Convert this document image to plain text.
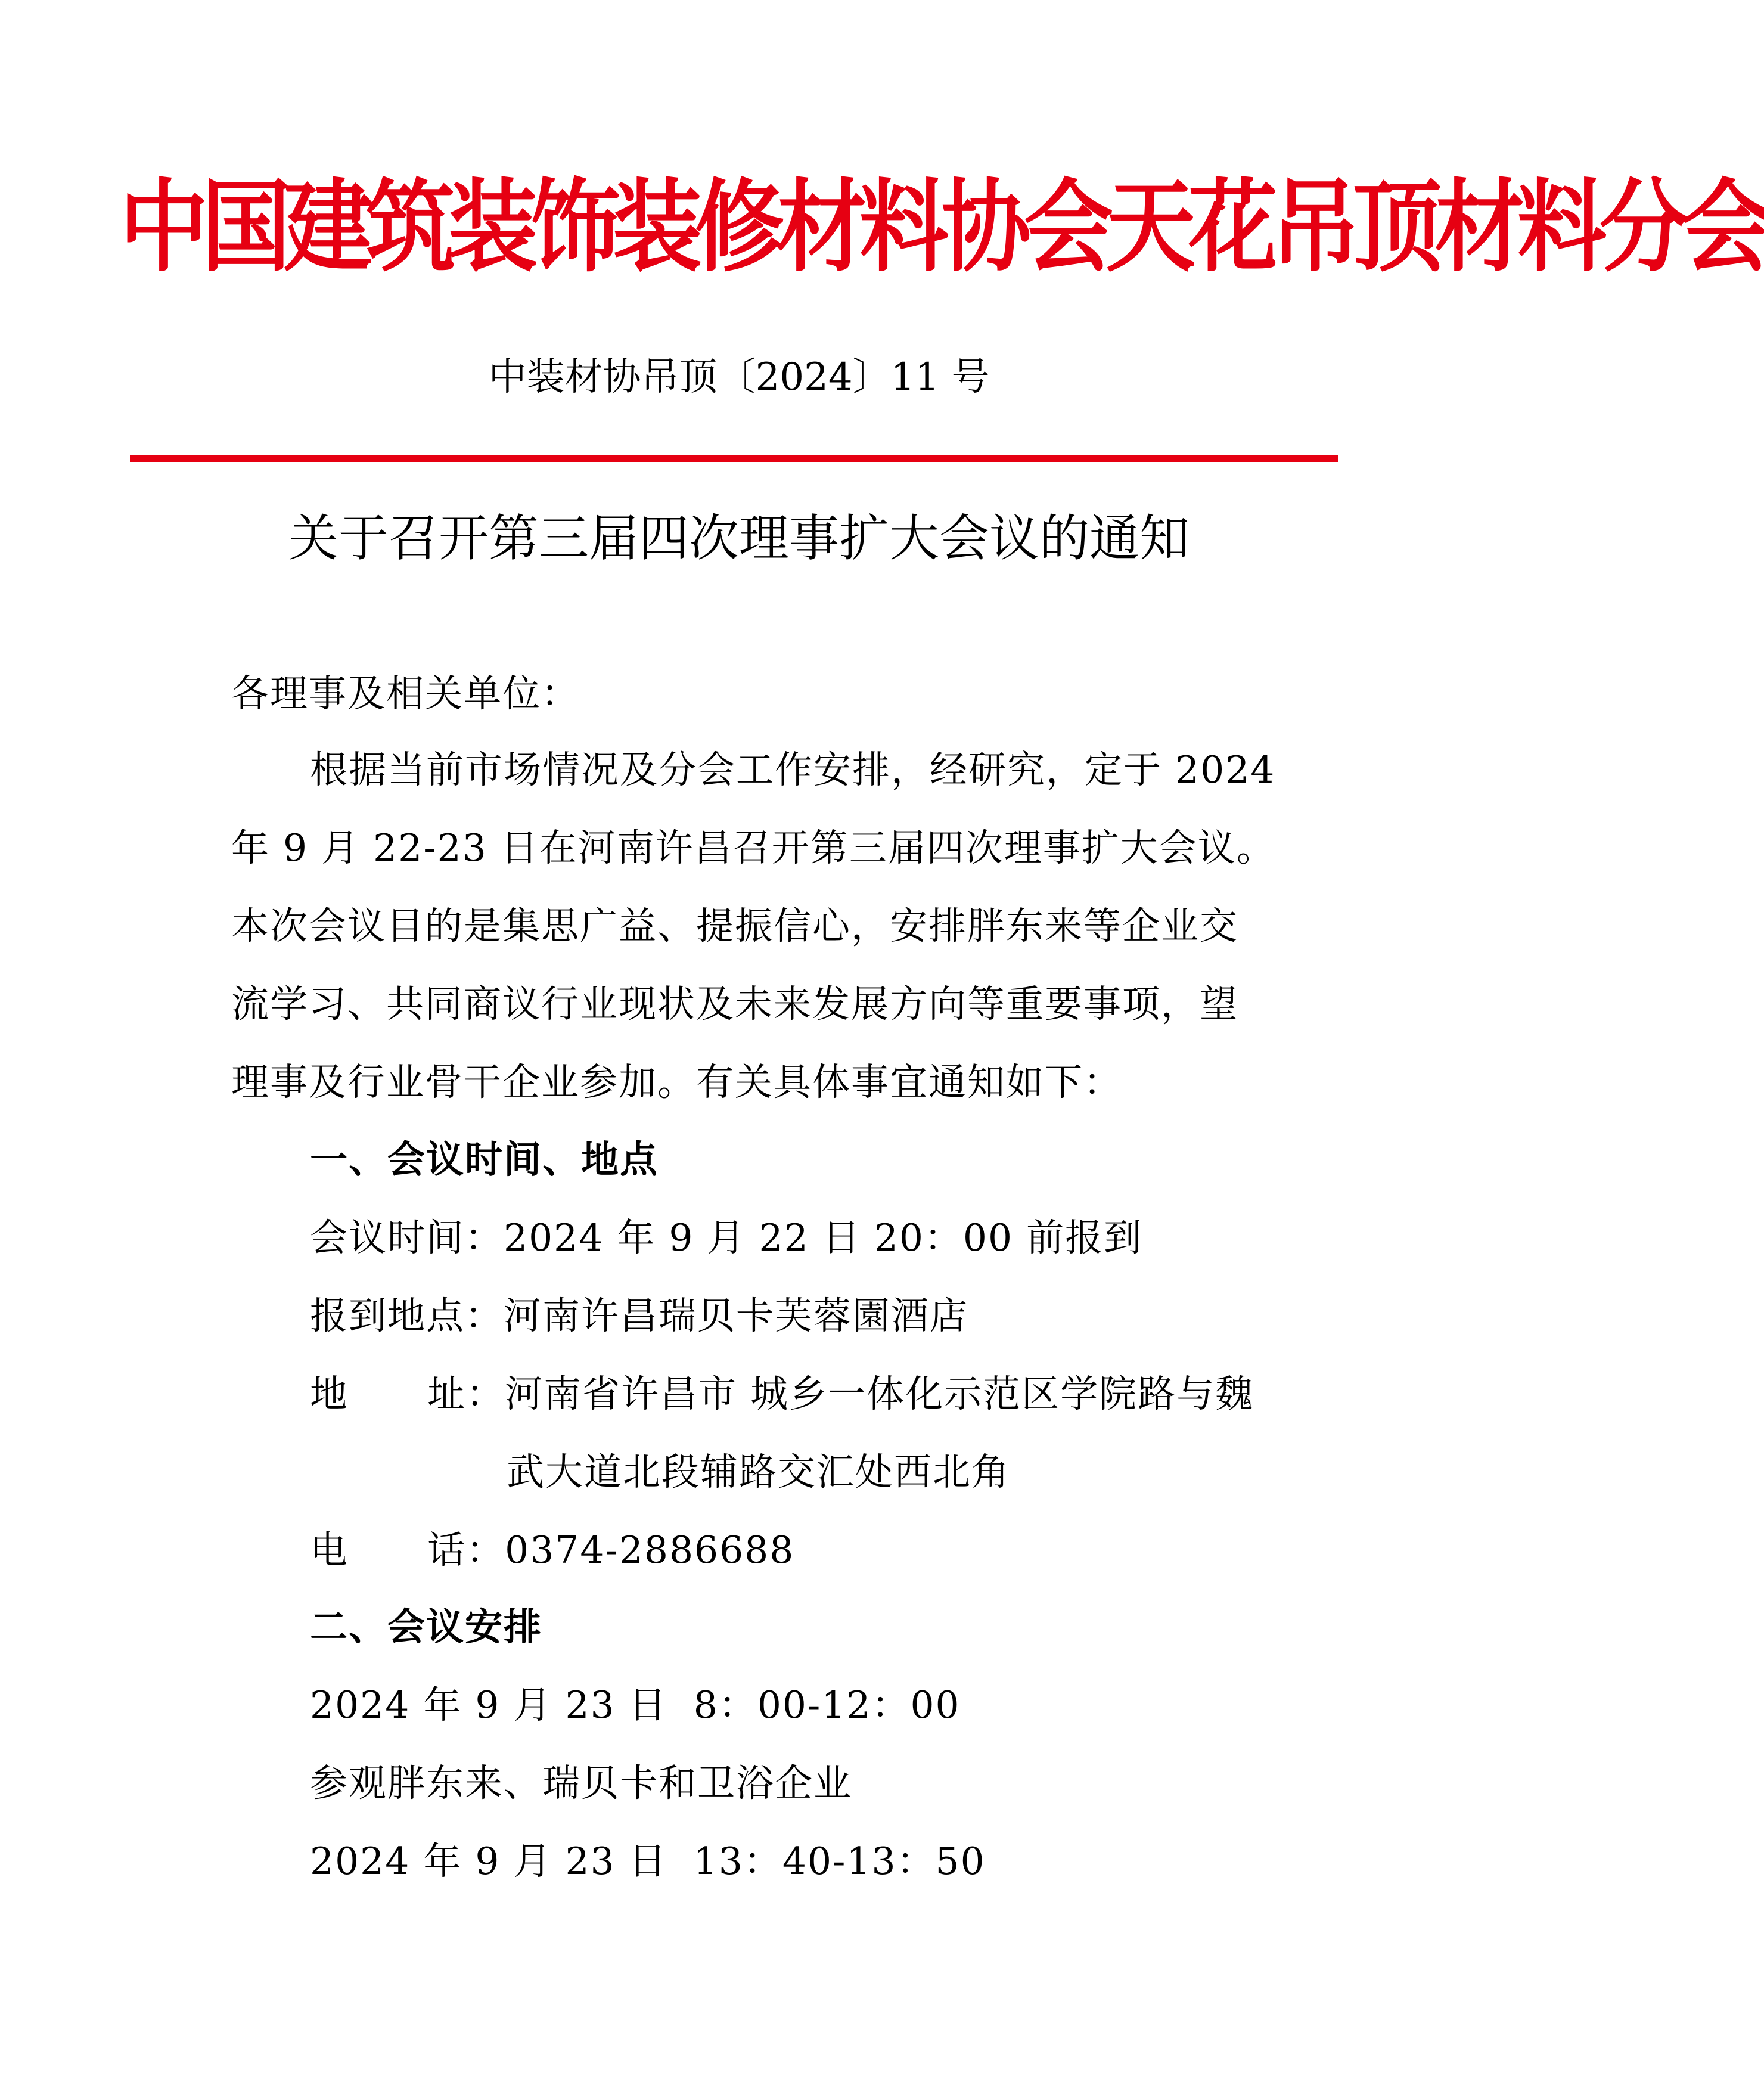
中国建筑装饰装修材料协会天花吊顶材料分会
中装材协吊顶〔2024〕11 号
关于召开第三届四次理事扩大会议的通知
各理事及相关单位：
根据当前市场情况及分会工作安排，经研究，定于 2024
年 9 月 22-23 日在河南许昌召开第三届四次理事扩大会议。
本次会议目的是集思广益、提振信心，安排胖东来等企业交
流学习、共同商议行业现状及未来发展方向等重要事项，望
理事及行业骨干企业参加。有关具体事宜通知如下：
一、会议时间、地点
会议时间：2024 年 9 月 22 日 20：00 前报到
报到地点：河南许昌瑞贝卡芙蓉園酒店
地      址：河南省许昌市 城乡一体化示范区学院路与魏
武大道北段辅路交汇处西北角
电      话：0374-2886688
二、会议安排
2024 年 9 月 23 日  8：00-12：00
参观胖东来、瑞贝卡和卫浴企业
2024 年 9 月 23 日  13：40-13：50
